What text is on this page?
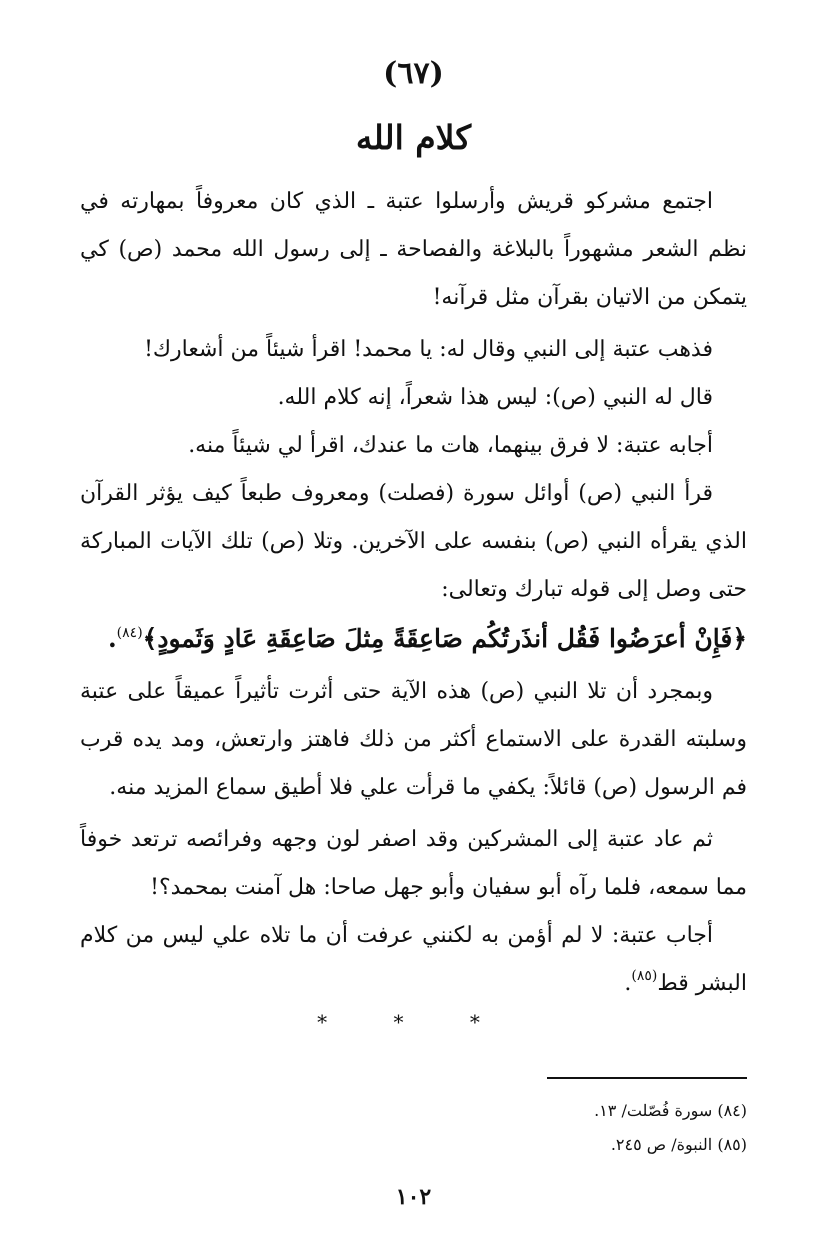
(٦٧)
كلام الله

اجتمع مشركو قريش وأرسلوا عتبة ـ الذي كان معروفاً بمهارته في نظم الشعر مشهوراً بالبلاغة والفصاحة ـ إلى رسول الله محمد (ص) كي يتمكن من الاتيان بقرآن مثل قرآنه!

فذهب عتبة إلى النبي وقال له: يا محمد! اقرأ شيئاً من أشعارك!

قال له النبي (ص): ليس هذا شعراً، إنه كلام الله.

أجابه عتبة: لا فرق بينهما، هات ما عندك، اقرأ لي شيئاً منه.

قرأ النبي (ص) أوائل سورة (فصلت) ومعروف طبعاً كيف يؤثر القرآن الذي يقرأه النبي (ص) بنفسه على الآخرين. وتلا (ص) تلك الآيات المباركة حتى وصل إلى قوله تبارك وتعالى:

﴿فَإِنْ أعرَضُوا فَقُل أنذَرتُكُم صَاعِقَةً مِثلَ صَاعِقَةِ عَادٍ وَثَمودٍ﴾$^{(٨٤)}$.

وبمجرد أن تلا النبي (ص) هذه الآية حتى أثرت تأثيراً عميقاً على عتبة وسلبته القدرة على الاستماع أكثر من ذلك فاهتز وارتعش، ومد يده قرب فم الرسول (ص) قائلاً: يكفي ما قرأت علي فلا أطيق سماع المزيد منه.

ثم عاد عتبة إلى المشركين وقد اصفر لون وجهه وفرائصه ترتعد خوفاً مما سمعه، فلما رآه أبو سفيان وأبو جهل صاحا: هل آمنت بمحمد؟!

أجاب عتبة: لا لم أؤمن به لكنني عرفت أن ما تلاه علي ليس من كلام البشر قط$^{(٨٥)}$.

* * *
(٨٤) سورة فُصّلت/ ١٣.
(٨٥) النبوة/ ص ٢٤٥.
١٠٢
